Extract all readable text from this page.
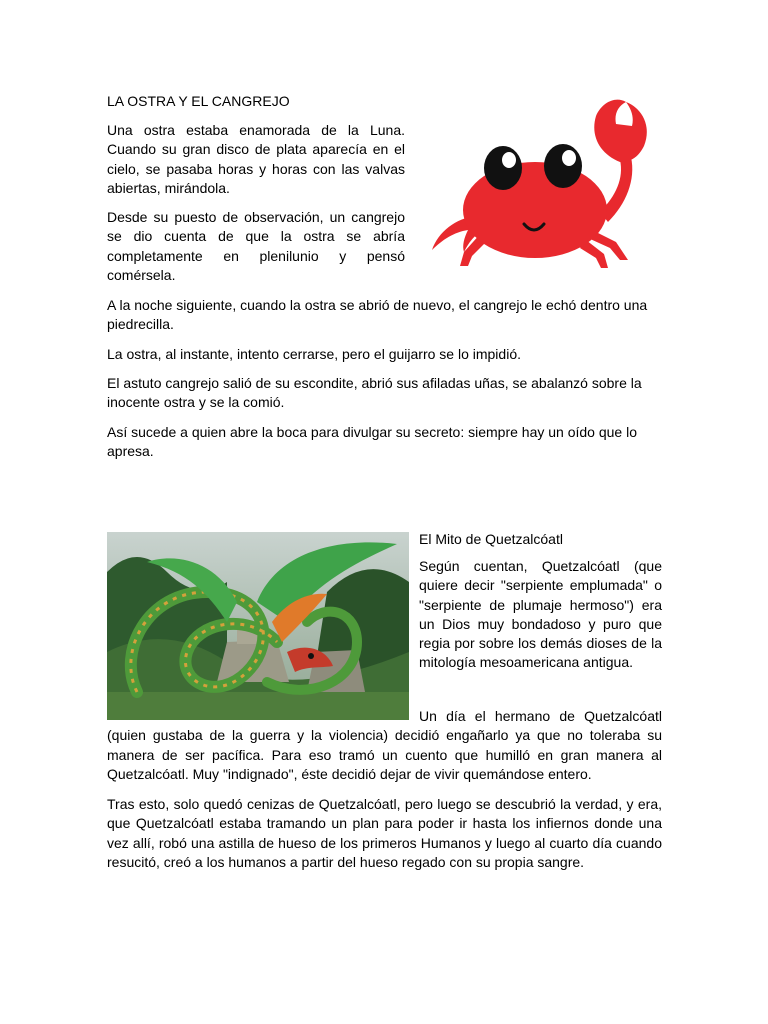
LA OSTRA Y EL CANGREJO

Una ostra estaba enamorada de la Luna. Cuando su gran disco de plata aparecía en el cielo, se pasaba horas y horas con las valvas abiertas, mirándola.

Desde su puesto de observación, un cangrejo se dio cuenta de que la ostra se abría completamente en plenilunio y pensó comérsela.

A la noche siguiente, cuando la ostra se abrió de nuevo, el cangrejo le echó dentro una piedrecilla.

La ostra, al instante, intento cerrarse, pero el guijarro se lo impidió.

El astuto cangrejo salió de su escondite, abrió sus afiladas uñas, se abalanzó sobre la inocente ostra y se la comió.

Así sucede a quien abre la boca para divulgar su secreto: siempre hay un oído que lo apresa.

El Mito de Quetzalcóatl

Según cuentan, Quetzalcóatl (que quiere decir "serpiente emplumada" o "serpiente de plumaje hermoso") era un Dios muy bondadoso y puro que regia por sobre los demás dioses de la mitología mesoamericana antigua.

Un día el hermano de Quetzalcóatl (quien gustaba de la guerra y la violencia) decidió engañarlo ya que no toleraba su manera de ser pacífica. Para eso tramó un cuento que humilló en gran manera al Quetzalcóatl. Muy "indignado", éste decidió dejar de vivir quemándose entero.

Tras esto, solo quedó cenizas de Quetzalcóatl, pero luego se descubrió la verdad, y era, que Quetzalcóatl estaba tramando un plan para poder ir hasta los infiernos donde una vez allí, robó una astilla de hueso de los primeros Humanos y luego al cuarto día cuando resucitó, creó a los humanos a partir del hueso regado con su propia sangre.
